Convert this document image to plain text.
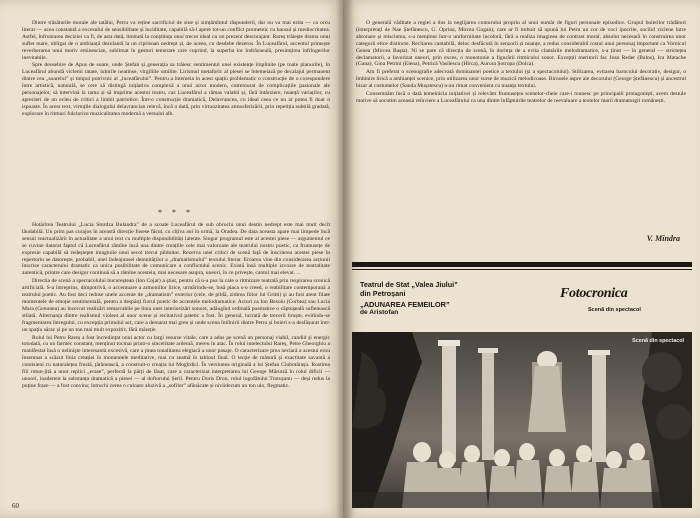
Dintre trăsăturile morale ale tatălui, Petru va reține sacrificiul de sine și simțămîntul răspunderii, dar nu va mai ezita — ca orcu literar — acea constantă a excesului de sensibilitate și luciditate, capabilă să-l apere tot-un conflict prometeic cu haosul și mediocritatea. Astfel, înfruntarea deciziei va fi, de asta dată, limitată la conștiința unui trecut ideal cu un prezent descurajant. Rareș trăiește drama unui suflet mare, obligat de o ambianță dezolantă la un ciprisoan nedrept și, de aceea, cu desdebe dezeros. În Luceafărul, accentul primește reverberarea unui motiv eminescian, sublimat în gesturi temerare care cuprind, la superba lor îndrăzneală, presimțirea infrîngerilor inevitabile.

Spre deosebire de Apus de soare, unde Ștefan și generația sa trăiesc sentimentul unei existențe împlinite (pe toate planurile), în Luceafărul abundă viclemi ratate, iubirile neatinse, virgiliile umilite. Lirismul metaforic al piesei se întemeiază pe decalajul permanent dintre cea „soarelui” și timpul potrivnic al „luceafărului”. Pentru a întemeia în acest spațiu problematic o construcție de o corespundere între artistică, naturală, se cere să distingă inițiativa complexă a unui actor modern, cutremurat de complicațiile pasionale ale personajelor, să intervină la rama și să imprime acestui teatru, caz Luceafărul a rămas valabil și, fără întârziere, nuanță variaților, cu aprecieri de un ecleu de critici a limbii patriotice. Într-o construcție dramatică, Delavrancea, cu ideal ceea ce nu ar putea fi doar o ispoaste. În acest text, virtuțile dialogului delavrancian relevă, încă o dată, prin virtuozitatea atmosferizării, prin repetiția subtilă gradată, explorare în ritmuri folclorice muzicalitatea modernă a versului alb.

* * *

Hotărîrea Teatrului „Lucia Sturdza Bulandra” de a scoate Luceafărul de sub obroclu unui destin nedrept este mai mult decît lăudabilă. Un prim pas curajos în această direcție fusese făcut, cu cîțiva ani în urmă, la Oradea. De data aceasta apare mai limpede încă sensul reactualizării în actualitate a unui text cu multiple disponibilități latente. Singur programul este al acestei piese — argumentul ce se cuvine datorat faptul că Luceafărul rămîne încă una dintre creațiile cele mai valoroase ale teatrului nostru poetic, cu frumusețe de expresie capabilă să redeștepte imaginile unui secol trecut pilduitor. Rezerva unei critici de scenă față de înscrierea acestei piese în repertoriu se datorește, probabil, unei îndeajunsei demnităților a „dramatismului” textului literar. Eroarea vine din considerarea acțiunii înscrise caracterului dramatic ca unica posibilitate de comunicare a conflictului scenic. Există însă multiple izvoare de teatralitate autentică, printre care desigur continuă să a rămîne acesteia, mai necesare asupra, uneori, în ce privește, cantul mai elevat. ...

Directia de scenă a spectacolului bucureștean (Ion Cojar) a știut, pentru că n-a pus la cale o ritmizare teatrală prin respirarea scenică artificială. S-a întreprins, dimpotrivă, o accentuare a armoniilor lirice, urmărindu-se, însă placa s-o creed, o reabilitare contemporană a teatrului poetic. Au fost deci reduse unele accente de „dramatism” exterior (cele, de pildă, zidirea fiilor lui Gritti) și au fost atent filate momentele de emoție sentimentală, pentru a despărți fiorul poetic de accentele melodramatice. Actori ca Ion Besoiu (Corbea) sau Lucia Mara (Genunea) au încercat realizări remarcabile pe linia unei interiorizări sonore, adăugînd ordinală poematice o căptușeală sufletească stilată. Alternanța dintre realismul violent al unor scene și recitativul patetic a fost. În general, lucrată de trecerii bruște, evitîndu-se fragmentarea întregului, cu excepția primului act, care a demarat mai greu și unde scena întîlnirii dintre Petru și boieri s-a desfășurat într-un spațiu sărac și pe un ton mai mult expozitiv, fără măreție.

Rolul lui Petru Rareș a fost încredințat unui actor cu largi resurse vitale, care a adus pe scenă un personaj viabil, candid și energic totodată, cu un farmec constant, menținut tocmai printr-o sinceritate ardentă, mereu în atac. În rolul intelectului Rareș, Petre Gheorghiu a manifestat însă o nelinişte interesantă excesivă, care a ținea tonalitatea elegiacă a unor pasaje. O caracterizare prea neclară a acestui erou însemnat a scăzut linia creației în momentele meditative, mai cu seamă în tabloul final. O lecție de măsură și exactitate savantă a comisieni cu naturalețea frustă, țărănească, a construit-o creația lui Mogîrdici. În versiunea originală a lui Ștefan Ciubotărașu. Rostirea fiii rotun-jită a unor replici „erase”, perfectă la părți de lăsat, care a caracterizat interpretarea lui George Mărutză în rolul dificil — unoori, inaderent la substanța dramatică a piesei — al doftorului Șeril. Pentru Doris Dron, rolul logofătului Trotușanu — deși redus la puține fraze — a fost convins; întruchi cerea o culoare aluzivă a „sofilor” afânâcate și nivlidecum un ton ulo, flegmatic.

60

O generală văditate a regiei a dus la neglijarea conturului propriu al unui număr de figuri personale episodice. Grupul boierilor trădători (interpretați de Nae Ștefănescu, G. Oprina, Mircea Gogan), care ar fi trebuit să opună lui Petru un cor de voci ipocrite, socilid viclene între abronare și miscinma, s-a menținut într-o uniformitate incoloră, fără a realiza imaginea de contrast moral, absolut necesară în construirea unor categorii etice distincte. Recitarea cantabilă, deloc desfăcută în senzorii și nuanțe, a redus considerabil rostul unui personaj important ca Vornicul Genea (Mircea Bașta). Ni se pare că direcția de scenă, în dorința de a evita clamările melodramatice, s-a ținut — în general — strictețea declamatorii, a favorizat uneori, prin exces, o monotonie a figurării ritmicului sonor. Excepții meritorii fac Jean Reder (Balos), Ica Matache (Gana), Gina Petrini (Elena), Petrică Vasilescu (Hîrca), Aurora Șotropa (Dolca).

Am fi preferat o scenografie adecvată dominantei poetice a textului (și a spectacolului). Stilizarea, evitarea barocului decorativ, desigur, o îmbinire lirică a ambianței scenice, prin utilizarea unor surse de muzică melodicoase. Birouele aspre ale decorului (George Ștefănescu) și ancestrul bizar al costumelor (Sanda Mușatescu) n-au rimat convenient cu nuanța textului.

Consemnăm încă o dată temeinicia inițiativei și relevăm frumusețea scenelor-cheie care-i reunesc pe principalii protagoniști, avem destule motive să socotim această reînviere a Luceafărului ca una dintre înfăptuirile teatrelor de reevaluare a textelor marii dramaturgii românești.

V. Mîndra
Teatrul de Stat „Valea Jiului”
din Petroșani
„ADUNAREA FEMEILOR”
de Aristofan
Fotocronica
Scenă din spectacol
Scenă din spectacol
